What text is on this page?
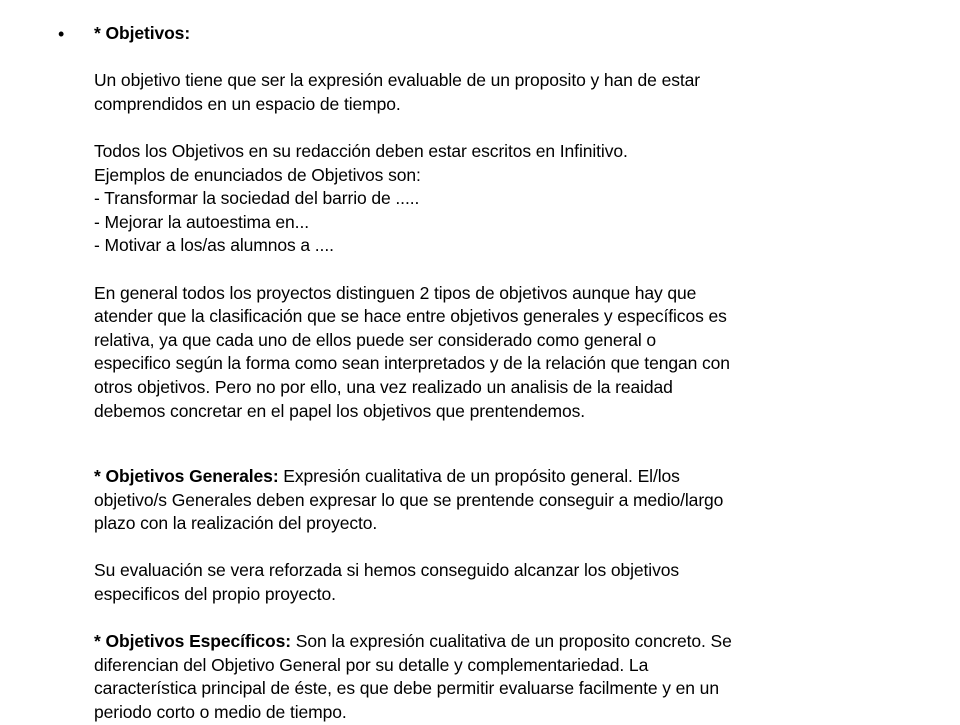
• * Objetivos:
Un objetivo tiene que ser la expresión evaluable de un proposito y han de estar
comprendidos en un espacio de tiempo.
Todos los Objetivos en su redacción deben estar escritos en Infinitivo.
Ejemplos de enunciados de Objetivos son:
- Transformar la sociedad del barrio de .....
- Mejorar la autoestima en...
- Motivar a los/as alumnos a ....
En general todos los proyectos distinguen 2 tipos de objetivos aunque hay que
atender que la clasificación que se hace entre objetivos generales y específicos es
relativa, ya que cada uno de ellos puede ser considerado como general o
especifico según la forma como sean interpretados y de la relación que tengan con
otros objetivos. Pero no por ello, una vez realizado un analisis de la reaidad
debemos concretar en el papel los objetivos que prentendemos.
* Objetivos Generales: Expresión cualitativa de un propósito general. El/los
objetivo/s Generales deben expresar lo que se prentende conseguir a medio/largo
plazo con la realización del proyecto.
Su evaluación se vera reforzada si hemos conseguido alcanzar los objetivos
especificos del propio proyecto.
* Objetivos Específicos: Son la expresión cualitativa de un proposito concreto. Se
diferencian del Objetivo General por su detalle y complementariedad. La
característica principal de éste, es que debe permitir evaluarse facilmente y en un
periodo corto o medio de tiempo.
